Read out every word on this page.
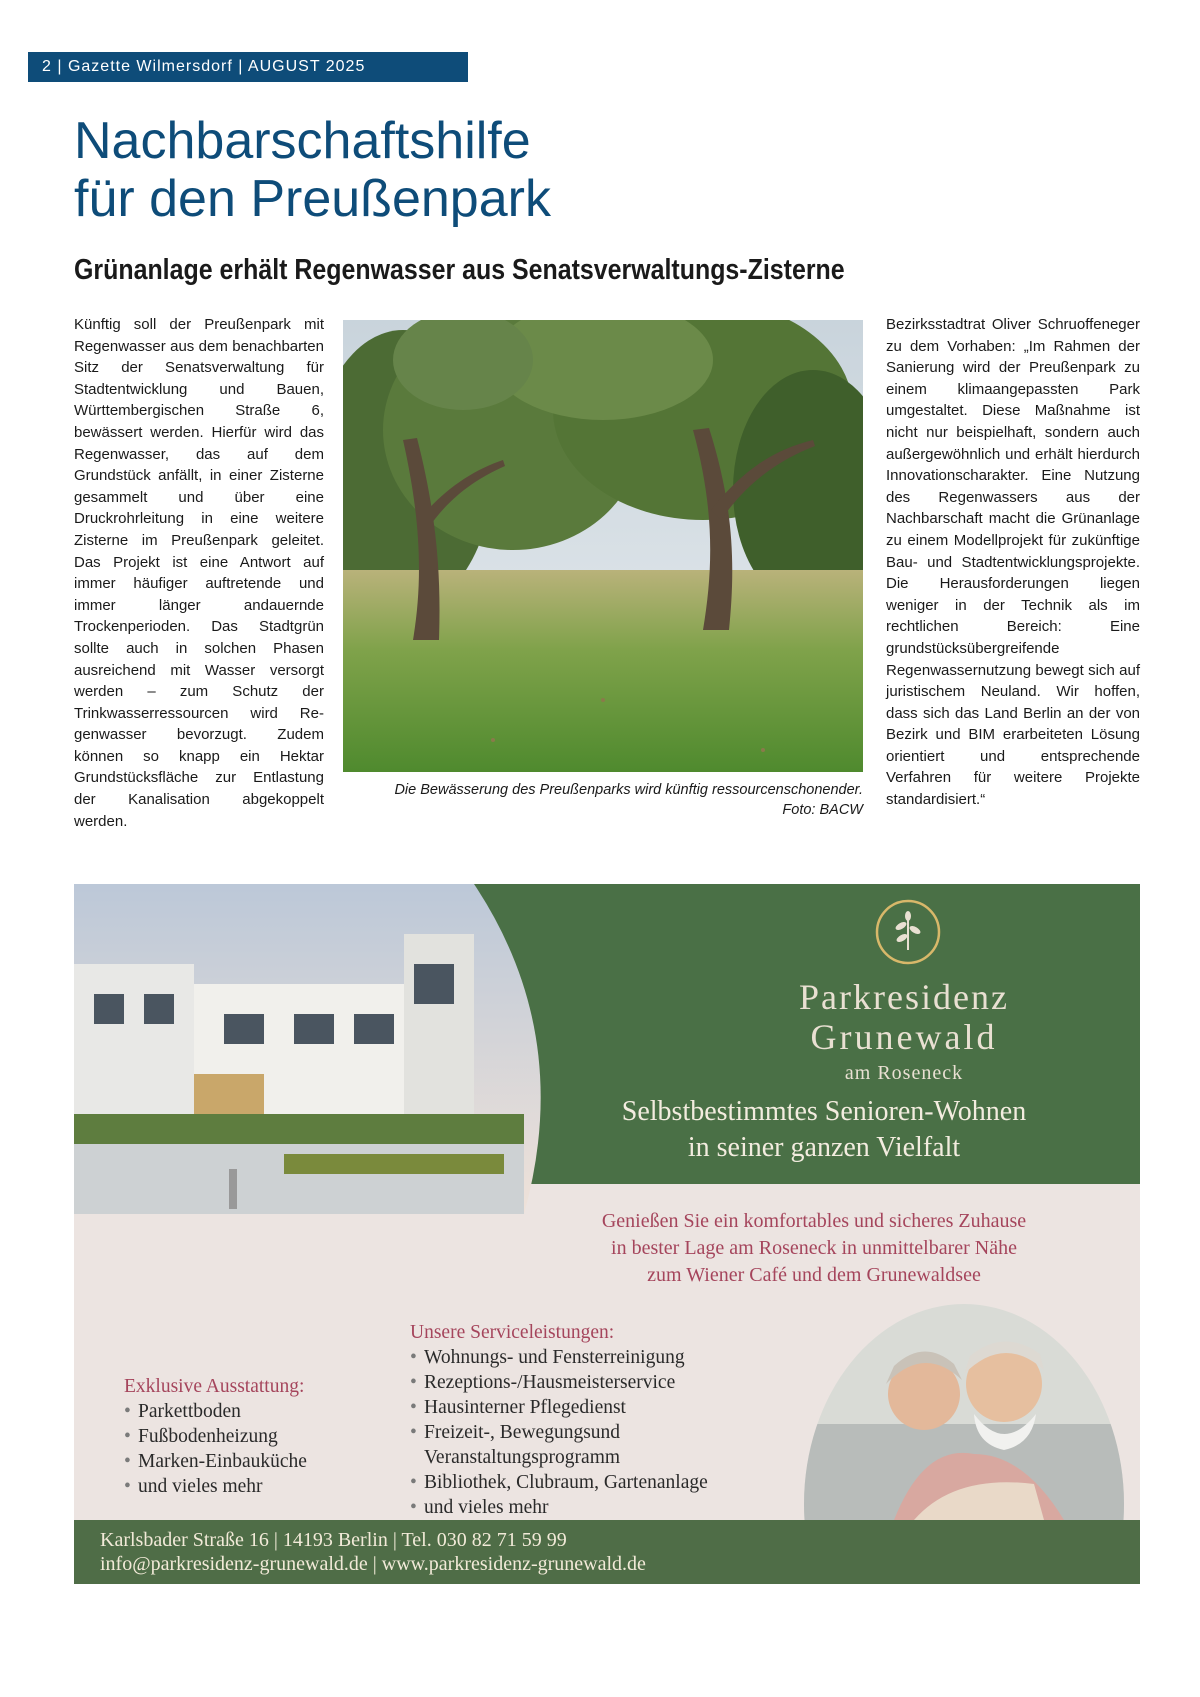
2 | Gazette Wilmersdorf | AUGUST 2025
Nachbarschaftshilfe
für den Preußenpark
Grünanlage erhält Regenwasser aus Senatsverwaltungs-Zisterne
Künftig soll der Preußenpark mit Regenwasser aus dem benachbarten Sitz der Senatsverwaltung für Stadtentwicklung und Bauen, Württembergischen Straße 6, bewässert werden. Hierfür wird das Regenwasser, das auf dem Grundstück anfällt, in einer Zisterne gesammelt und über eine Druckrohrleitung in eine weitere Zisterne im Preußenpark geleitet. Das Projekt ist eine Antwort auf immer häufiger auftretende und immer länger andauernde Trockenperioden. Das Stadtgrün sollte auch in solchen Phasen ausreichend mit Wasser versorgt werden – zum Schutz der Trinkwasserressourcen wird Regenwasser bevorzugt. Zudem können so knapp ein Hektar Grundstücksfläche zur Entlastung der Kanalisation abgekoppelt werden.
Die Bewässerung des Preußenparks wird künftig ressourcenschonender.
Foto: BACW
Bezirksstadtrat Oliver Schruoffeneger zu dem Vorhaben: „Im Rahmen der Sanierung wird der Preußenpark zu einem klimaangepassten Park umgestaltet. Diese Maßnahme ist nicht nur beispielhaft, sondern auch außergewöhnlich und erhält hierdurch Innovationscharakter. Eine Nutzung des Regenwassers aus der Nachbarschaft macht die Grünanlage zu einem Modellprojekt für zukünftige Bau- und Stadtentwicklungsprojekte. Die Herausforderungen liegen weniger in der Technik als im rechtlichen Bereich: Eine grundstücksübergreifende Regenwassernutzung bewegt sich auf juristischem Neuland. Wir hoffen, dass sich das Land Berlin an der von Bezirk und BIM erarbeiteten Lösung orientiert und entsprechende Verfahren für weitere Projekte standardisiert.“
Parkresidenz
Grunewald
am Roseneck
Selbstbestimmtes Senioren-Wohnen
in seiner ganzen Vielfalt
Genießen Sie ein komfortables und sicheres Zuhause
in bester Lage am Roseneck in unmittelbarer Nähe
zum Wiener Café und dem Grunewaldsee
Exklusive Ausstattung:
• Parkettboden
• Fußbodenheizung
• Marken-Einbauküche
• und vieles mehr
Unsere Serviceleistungen:
• Wohnungs- und Fensterreinigung
• Rezeptions-/Hausmeisterservice
• Hausinterner Pflegedienst
• Freizeit-, Bewegungsund Veranstaltungsprogramm
• Bibliothek, Clubraum, Gartenanlage
• und vieles mehr
Karlsbader Straße 16 | 14193 Berlin | Tel. 030 82 71 59 99
info@parkresidenz-grunewald.de | www.parkresidenz-grunewald.de
